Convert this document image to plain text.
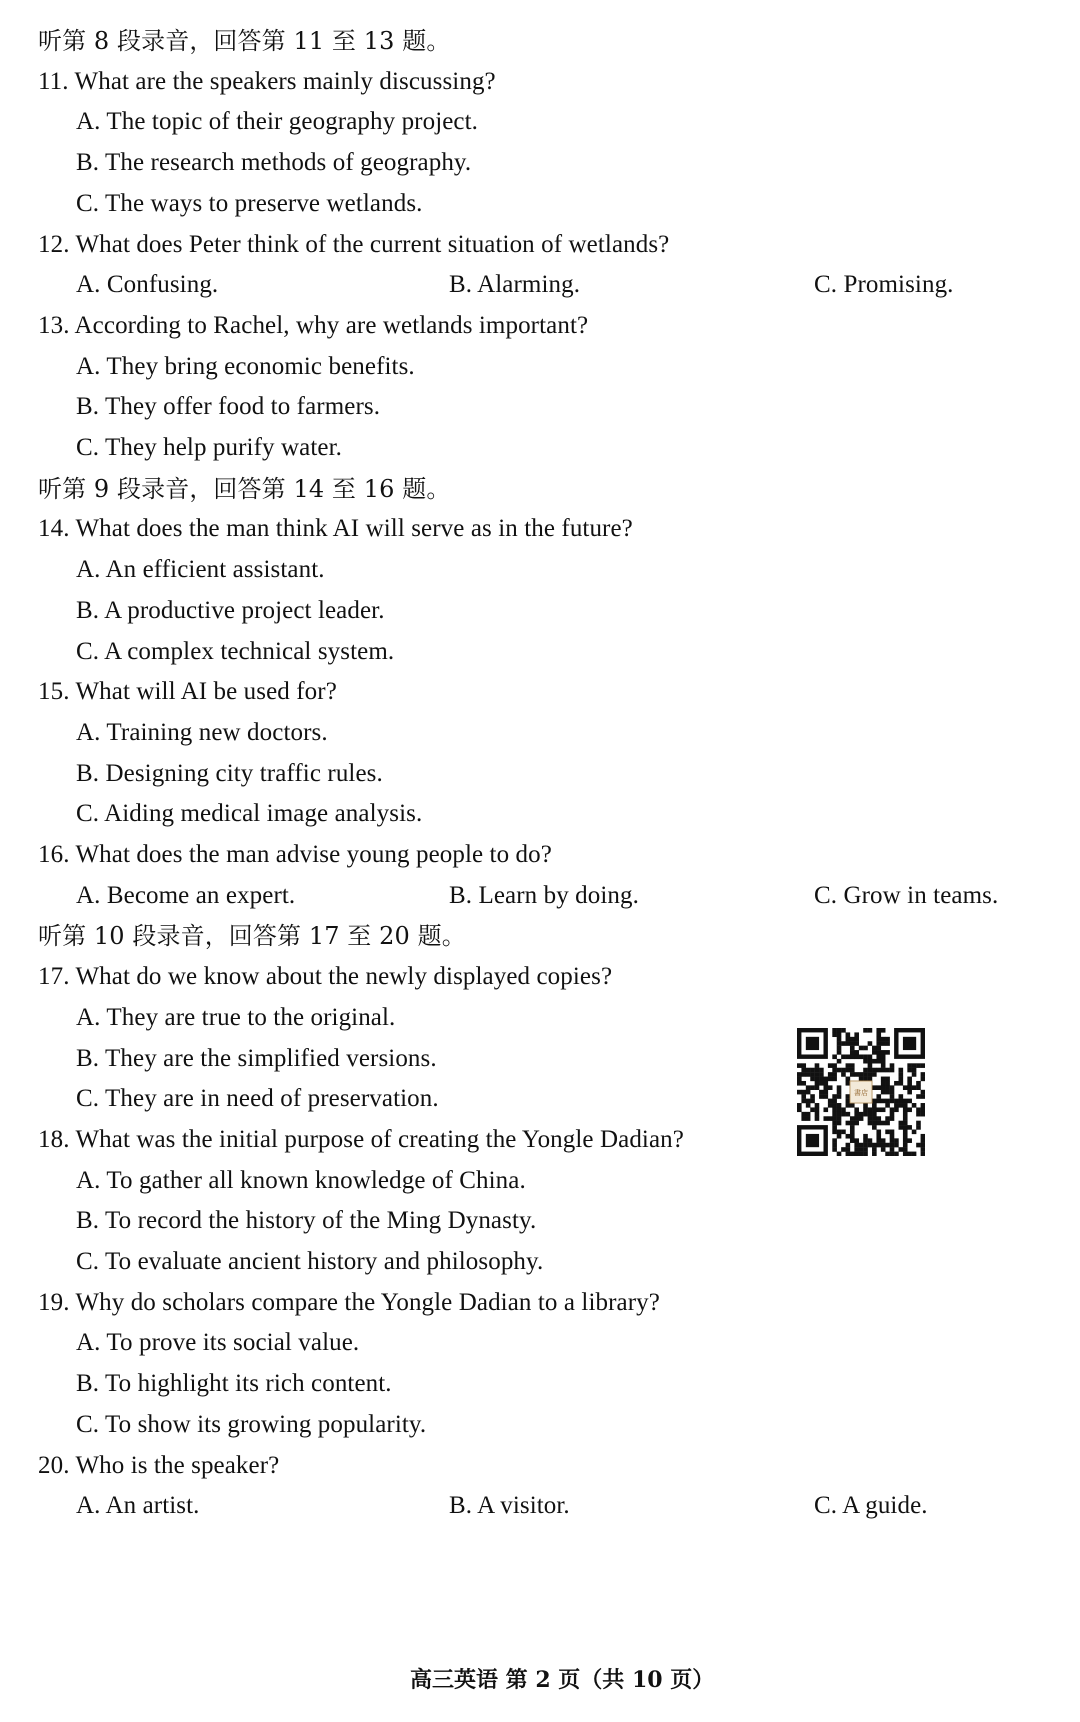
听第 8 段录音，回答第 11 至 13 题。
11. What are the speakers mainly discussing?
A. The topic of their geography project.
B. The research methods of geography.
C. The ways to preserve wetlands.
12. What does Peter think of the current situation of wetlands?
A. Confusing.	B. Alarming.	C. Promising.
13. According to Rachel, why are wetlands important?
A. They bring economic benefits.
B. They offer food to farmers.
C. They help purify water.
听第 9 段录音，回答第 14 至 16 题。
14. What does the man think AI will serve as in the future?
A. An efficient assistant.
B. A productive project leader.
C. A complex technical system.
15. What will AI be used for?
A. Training new doctors.
B. Designing city traffic rules.
C. Aiding medical image analysis.
16. What does the man advise young people to do?
A. Become an expert.	B. Learn by doing.	C. Grow in teams.
听第 10 段录音，回答第 17 至 20 题。
17. What do we know about the newly displayed copies?
A. They are true to the original.
B. They are the simplified versions.
C. They are in need of preservation.
18. What was the initial purpose of creating the Yongle Dadian?
A. To gather all known knowledge of China.
B. To record the history of the Ming Dynasty.
C. To evaluate ancient history and philosophy.
19. Why do scholars compare the Yongle Dadian to a library?
A. To prove its social value.
B. To highlight its rich content.
C. To show its growing popularity.
20. Who is the speaker?
A. An artist.	B. A visitor.	C. A guide.
書店
高三英语 第 2 页（共 10 页）
